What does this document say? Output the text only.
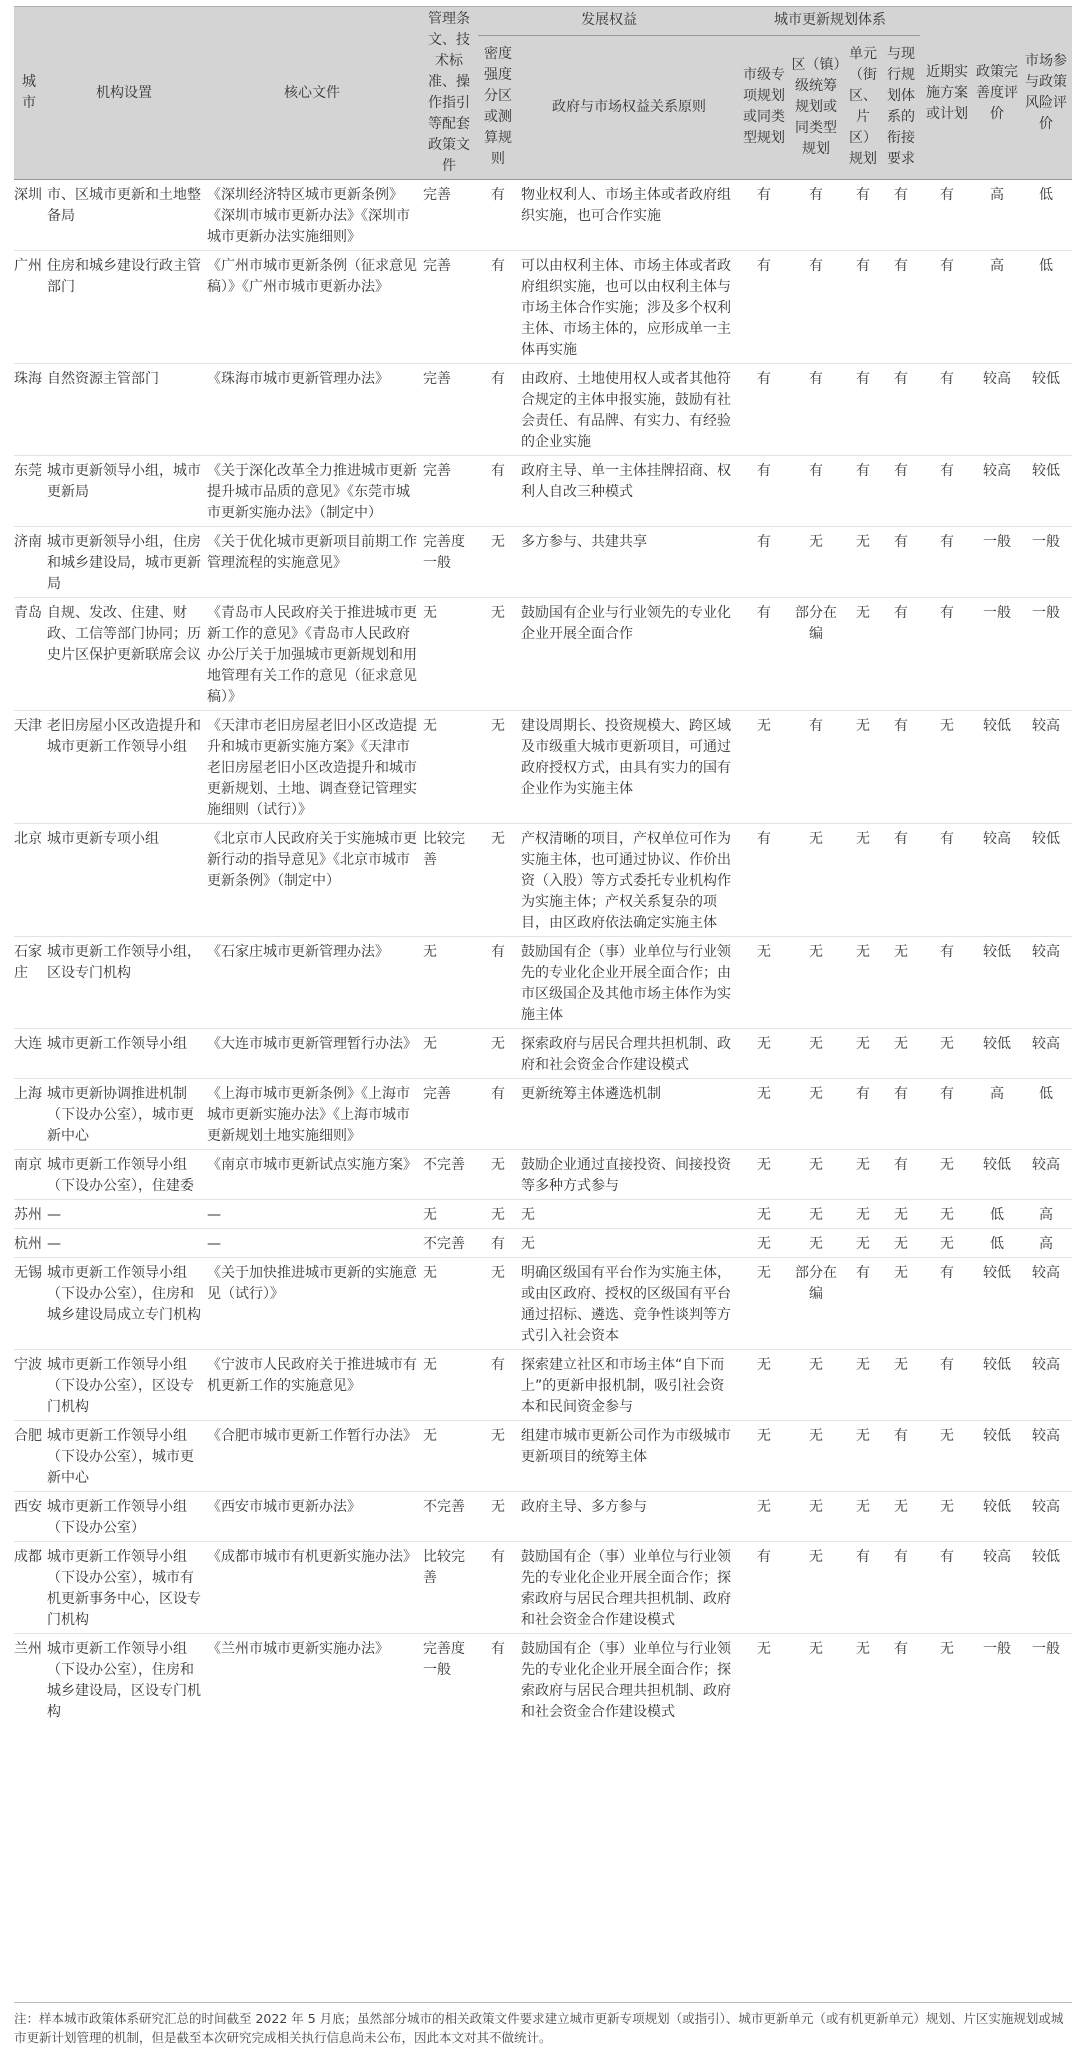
城市	机构设置	核心文件	管理条文、技术标准、操作指引等配套政策文件	发展权益		城市更新规划体系				近期实施方案或计划	政策完善度评价	市场参与政策风险评价
				密度强度分区或测算规则	政府与市场权益关系原则	市级专项规划或同类型规划	区（镇）级统筹规划或同类型规划	单元（街区、片区）规划	与现行规划体系的衔接要求			
深圳	市、区城市更新和土地整备局	《深圳经济特区城市更新条例》《深圳市城市更新办法》《深圳市城市更新办法实施细则》	完善	有	物业权利人、市场主体或者政府组织实施，也可合作实施	有	有	有	有	有	高	低
广州	住房和城乡建设行政主管部门	《广州市城市更新条例（征求意见稿）》《广州市城市更新办法》	完善	有	可以由权利主体、市场主体或者政府组织实施，也可以由权利主体与市场主体合作实施；涉及多个权利主体、市场主体的，应形成单一主体再实施	有	有	有	有	有	高	低
珠海	自然资源主管部门	《珠海市城市更新管理办法》	完善	有	由政府、土地使用权人或者其他符合规定的主体申报实施，鼓励有社会责任、有品牌、有实力、有经验的企业实施	有	有	有	有	有	较高	较低
东莞	城市更新领导小组，城市更新局	《关于深化改革全力推进城市更新提升城市品质的意见》《东莞市城市更新实施办法》（制定中）	完善	有	政府主导、单一主体挂牌招商、权利人自改三种模式	有	有	有	有	有	较高	较低
济南	城市更新领导小组，住房和城乡建设局，城市更新局	《关于优化城市更新项目前期工作管理流程的实施意见》	完善度一般	无	多方参与、共建共享	有	无	无	有	有	一般	一般
青岛	自规、发改、住建、财政、工信等部门协同；历史片区保护更新联席会议	《青岛市人民政府关于推进城市更新工作的意见》《青岛市人民政府办公厅关于加强城市更新规划和用地管理有关工作的意见（征求意见稿）》	无	无	鼓励国有企业与行业领先的专业化企业开展全面合作	有	部分在编	无	有	有	一般	一般
天津	老旧房屋小区改造提升和城市更新工作领导小组	《天津市老旧房屋老旧小区改造提升和城市更新实施方案》《天津市老旧房屋老旧小区改造提升和城市更新规划、土地、调查登记管理实施细则（试行）》	无	无	建设周期长、投资规模大、跨区域及市级重大城市更新项目，可通过政府授权方式，由具有实力的国有企业作为实施主体	无	有	无	有	无	较低	较高
北京	城市更新专项小组	《北京市人民政府关于实施城市更新行动的指导意见》《北京市城市更新条例》（制定中）	比较完善	无	产权清晰的项目，产权单位可作为实施主体，也可通过协议、作价出资（入股）等方式委托专业机构作为实施主体；产权关系复杂的项目，由区政府依法确定实施主体	有	无	无	有	有	较高	较低
石家庄	城市更新工作领导小组，区设专门机构	《石家庄城市更新管理办法》	无	有	鼓励国有企（事）业单位与行业领先的专业化企业开展全面合作；由市区级国企及其他市场主体作为实施主体	无	无	无	无	有	较低	较高
大连	城市更新工作领导小组	《大连市城市更新管理暂行办法》	无	无	探索政府与居民合理共担机制、政府和社会资金合作建设模式	无	无	无	无	无	较低	较高
上海	城市更新协调推进机制（下设办公室），城市更新中心	《上海市城市更新条例》《上海市城市更新实施办法》《上海市城市更新规划土地实施细则》	完善	有	更新统筹主体遴选机制	无	无	有	有	有	高	低
南京	城市更新工作领导小组（下设办公室），住建委	《南京市城市更新试点实施方案》	不完善	无	鼓励企业通过直接投资、间接投资等多种方式参与	无	无	无	有	无	较低	较高
苏州	—	—	无	无	无	无	无	无	无	无	低	高
杭州	—	—	不完善	有	无	无	无	无	无	无	低	高
无锡	城市更新工作领导小组（下设办公室），住房和城乡建设局成立专门机构	《关于加快推进城市更新的实施意见（试行）》	无	无	明确区级国有平台作为实施主体，或由区政府、授权的区级国有平台通过招标、遴选、竞争性谈判等方式引入社会资本	无	部分在编	有	无	有	较低	较高
宁波	城市更新工作领导小组（下设办公室），区设专门机构	《宁波市人民政府关于推进城市有机更新工作的实施意见》	无	有	探索建立社区和市场主体“自下而上”的更新申报机制，吸引社会资本和民间资金参与	无	无	无	无	有	较低	较高
合肥	城市更新工作领导小组（下设办公室），城市更新中心	《合肥市城市更新工作暂行办法》	无	无	组建市城市更新公司作为市级城市更新项目的统筹主体	无	无	无	有	无	较低	较高
西安	城市更新工作领导小组（下设办公室）	《西安市城市更新办法》	不完善	无	政府主导、多方参与	无	无	无	无	无	较低	较高
成都	城市更新工作领导小组（下设办公室），城市有机更新事务中心，区设专门机构	《成都市城市有机更新实施办法》	比较完善	有	鼓励国有企（事）业单位与行业领先的专业化企业开展全面合作；探索政府与居民合理共担机制、政府和社会资金合作建设模式	有	无	有	有	有	较高	较低
兰州	城市更新工作领导小组（下设办公室），住房和城乡建设局，区设专门机构	《兰州市城市更新实施办法》	完善度一般	有	鼓励国有企（事）业单位与行业领先的专业化企业开展全面合作；探索政府与居民合理共担机制、政府和社会资金合作建设模式	无	无	无	有	无	一般	一般
注：样本城市政策体系研究汇总的时间截至 2022 年 5 月底；虽然部分城市的相关政策文件要求建立城市更新专项规划（或指引）、城市更新单元（或有机更新单元）规划、片区实施规划或城市更新计划管理的机制，但是截至本次研究完成相关执行信息尚未公布，因此本文对其不做统计。
